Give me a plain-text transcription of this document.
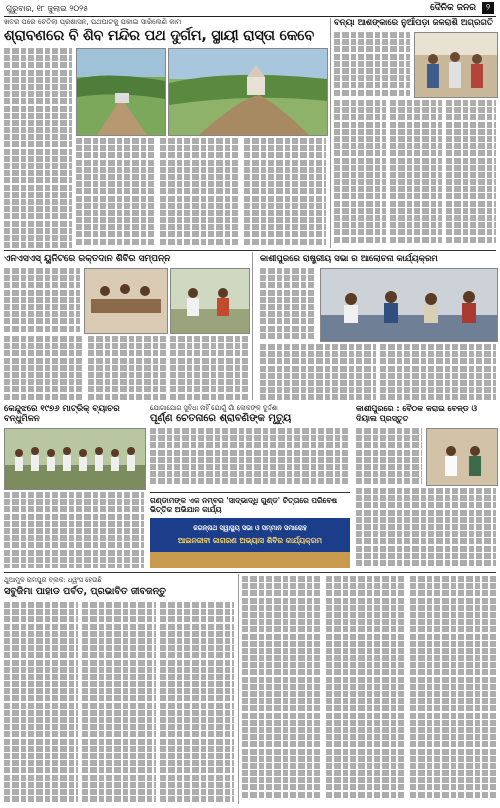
ଗୁରୁବାର, ୧୮ ଜୁଲାଇ ୨୦୨୫	ଦୈନିକ ଜନର	୨
ଖବର ପରେ ଚେତିଲା ପ୍ରଶାସନ, ପଥଘାଟକୁ ପକାଇ ସାରିଲେଣି କାମ
ଶ୍ରାବଣରେ ବି ଶିବ ମନ୍ଦିର ପଥ ଦୁର୍ଗମ, ସ୍ଥାୟୀ ରାସ୍ତା କେବେ
ବନ୍ୟା ଆଶଙ୍କାରେ ନୁଆଁପଡ଼ା ଜଳରାଶି ଅଗ୍ରଗତି
ଏନଏସଏସ୍ ୟୁନିଟରେ ରକ୍ତଦାନ ଶିବିର ସମ୍ପନ୍ନ	କାଶୀପୁରରେ ରାଷ୍ଟ୍ରୀୟ ସଭା ର ଆଲୋଚନା କାର୍ଯ୍ୟକ୍ରମ
ଯୋଗାଯୋଗ ସୁବିଧା ନାହିଁ ଯୋଗୁଁ ଗାଁ ଲୋକଙ୍କ ଦୁର୍ଦ୍ଦଶା
ପୂର୍ଣ୍ଣ ଚେତନାରେ ଶ୍ରାବଣିଙ୍କ ମୃତ୍ୟୁ
କେନ୍ଦୁଝରେ ୧୯୭୬ ମାଟ୍ରିକ୍ ବ୍ୟାଚର ବନ୍ଧୁମିଳନ
କାଶୀପୁରରେ : ବୈଠକ କରାଇ ବେଳ୍ଡ ଓ ଦିୟାଲ ପ୍ରସ୍ତୁତ
ଗଣ୍ଡାମଙ୍କ ଏକ ନମ୍ବର 'ସାଦ୍ଭାଦ୍ଧି ଗୁଣ୍ଡ' ଚିତ୍ତାରେ ପରିବେଷ ଭିତ୍ତିକ ଅଭିଯାନ କାର୍ଯ୍ୟ
ଜଗନ୍ନାଥ ସ୍ୱାସ୍ଥ୍ୟ ସଭା ଓ ସମ୍ମାନ ସମାରୋହ
ଆଇନଜୀବୀ ଜାଗରଣ ଅଭ୍ୟାସ ଶିବିର କାର୍ଯ୍ୟକ୍ରମ
ଥୁଆମୁଳ ରାମପୁର ବ୍ଲକ: ଧ୍ୱଂସ ହେଉଛି
ସବୁଜିମା ପାହାଡ ପର୍ବତ, ପ୍ରଭାବିତ ଜୀବଜନ୍ତୁ
